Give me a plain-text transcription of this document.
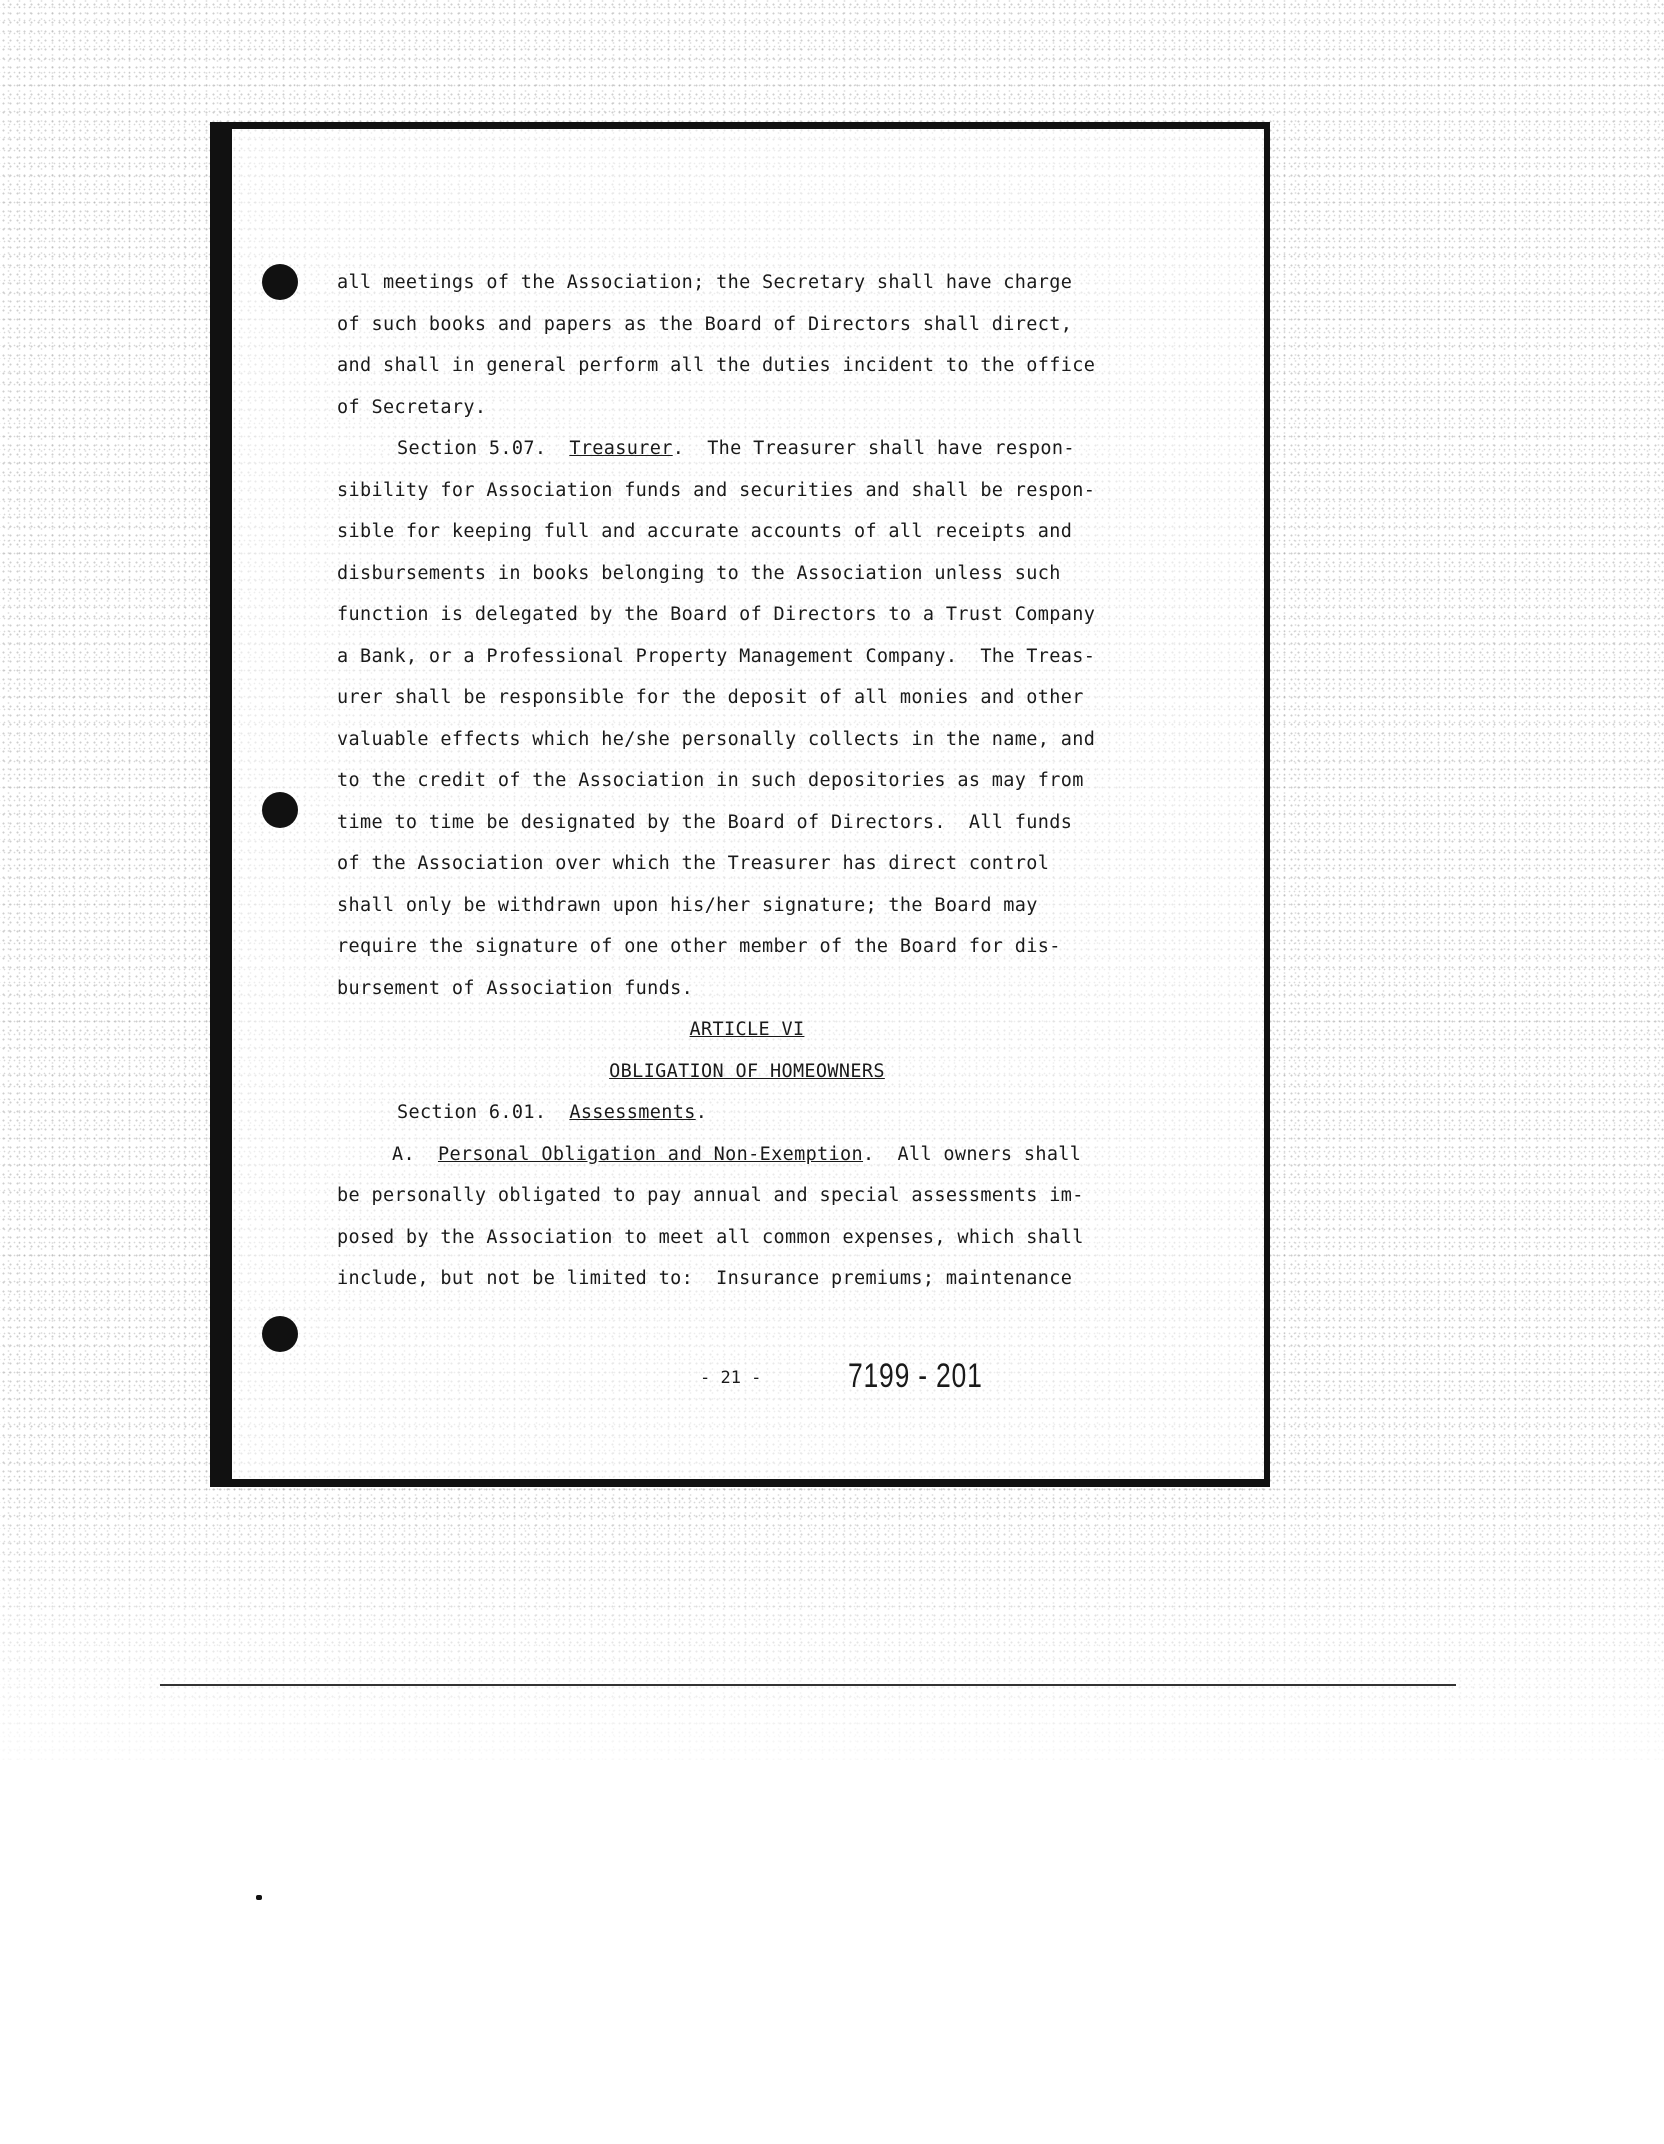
all meetings of the Association; the Secretary shall have charge
of such books and papers as the Board of Directors shall direct,
and shall in general perform all the duties incident to the office
of Secretary.
Section 5.07.  Treasurer.  The Treasurer shall have respon-
sibility for Association funds and securities and shall be respon-
sible for keeping full and accurate accounts of all receipts and
disbursements in books belonging to the Association unless such
function is delegated by the Board of Directors to a Trust Company
a Bank, or a Professional Property Management Company.  The Treas-
urer shall be responsible for the deposit of all monies and other
valuable effects which he/she personally collects in the name, and
to the credit of the Association in such depositories as may from
time to time be designated by the Board of Directors.  All funds
of the Association over which the Treasurer has direct control
shall only be withdrawn upon his/her signature; the Board may
require the signature of one other member of the Board for dis-
bursement of Association funds.
ARTICLE VI
OBLIGATION OF HOMEOWNERS
Section 6.01.  Assessments.
A.  Personal Obligation and Non-Exemption.  All owners shall
be personally obligated to pay annual and special assessments im-
posed by the Association to meet all common expenses, which shall
include, but not be limited to:  Insurance premiums; maintenance
- 21 -	7199 - 201
